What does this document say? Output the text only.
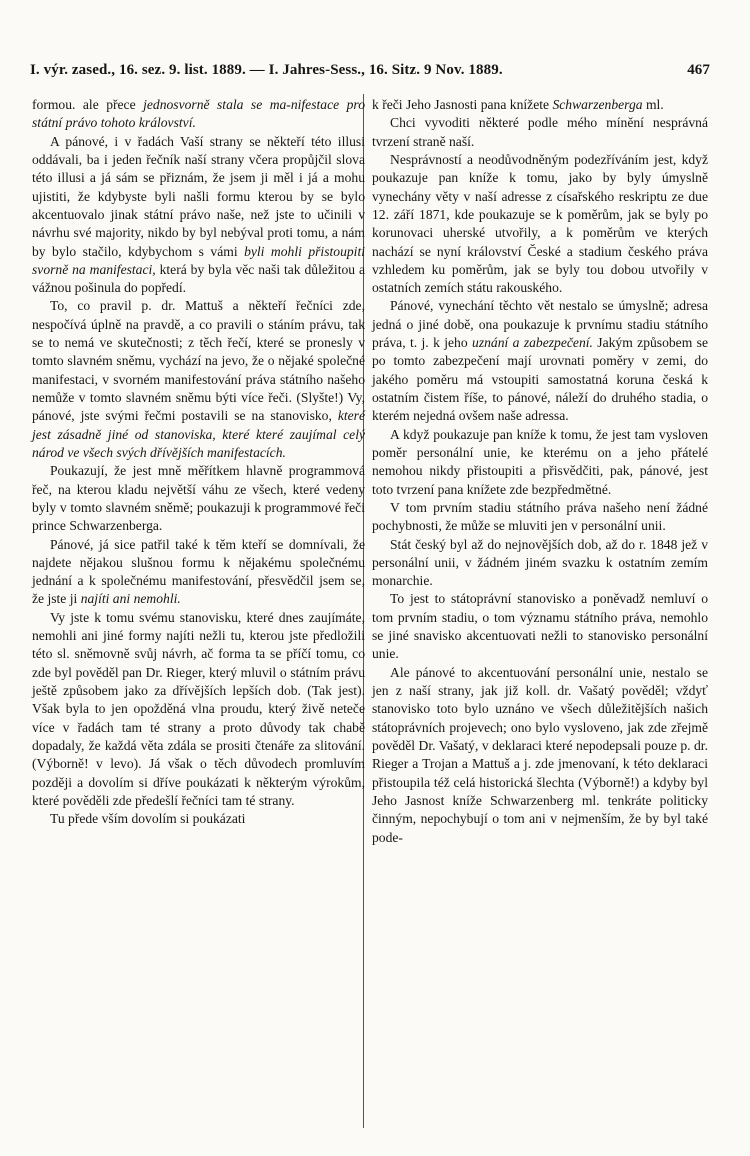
I. výr. zased., 16. sez. 9. list. 1889. — I. Jahres-Sess., 16. Sitz. 9 Nov. 1889.	467

formou. ale přece jednosvorně stala se ma-nifestace pro státní právo tohoto království.

A pánové, i v řadách Vaší strany se někteří této illusi oddávali, ba i jeden řečník naší strany včera propůjčil slova této illusi a já sám se přiznám, že jsem ji měl i já a mohu ujistiti, že kdybyste byli našli formu kterou by se bylo akcentuovalo jinak státní právo naše, než jste to učinili v návrhu své majority, nikdo by byl nebýval proti tomu, a nám by bylo stačilo, kdybychom s vámi byli mohli přistoupiti svorně na manifestaci, která by byla věc naši tak důležitou a vážnou pošinula do popředí.

To, co pravil p. dr. Mattuš a někteří řečníci zde, nespočívá úplně na pravdě, a co pravili o stáním právu, tak se to nemá ve skutečnosti; z těch řečí, které se pronesly v tomto slavném sněmu, vychází na jevo, že o nějaké společné manifestaci, v svorném manifestování práva státního našeho nemůže v tomto slavném sněmu býti více řeči. (Slyšte!) Vy, pánové, jste svými řečmi postavili se na stanovisko, které jest zásadně jiné od stanoviska, které které zaujímal celý národ ve všech svých dřívějších manifestacích.

Poukazují, že jest mně měřítkem hlavně programmová řeč, na kterou kladu největší váhu ze všech, které vedeny byly v tomto slavném sněmě; poukazuji k programmové řeči prince Schwarzenberga.

Pánové, já sice patřil také k těm kteří se domnívali, že najdete nějakou slušnou formu k nějakému společnému jednání a k společnému manifestování, přesvědčil jsem se, že jste ji najíti ani nemohli.

Vy jste k tomu svému stanovisku, které dnes zaujímáte, nemohli ani jiné formy najíti nežli tu, kterou jste předložili této sl. sněmovně svůj návrh, ač forma ta se příčí tomu, co zde byl pověděl pan Dr. Rieger, který mluvil o státním právu ještě způsobem jako za dřívějších lepších dob. (Tak jest). Však byla to jen opožděná vlna proudu, který živě neteče více v řadách tam té strany a proto důvody tak chabě dopadaly, že každá věta zdála se prositi čtenáře za slitování. (Výborně! v levo). Já však o těch důvodech promluvím později a dovolím si dříve poukázati k některým výrokům, které pověděli zde předešlí řečníci tam té strany.

Tu přede vším dovolím si poukázati

k řeči Jeho Jasnosti pana knížete Schwarzenberga ml.

Chci vyvoditi některé podle mého mínění nesprávná tvrzení straně naší.

Nesprávností a neodůvodněným podezříváním jest, když poukazuje pan kníže k tomu, jako by byly úmyslně vynechány věty v naší adresse z císařského reskriptu ze due 12. září 1871, kde poukazuje se k poměrům, jak se byly po korunovaci uherské utvořily, a k poměrům ve kterých nachází se nyní království České a stadium českého práva vzhledem ku poměrům, jak se byly tou dobou utvořily v ostatních zemích státu rakouského.

Pánové, vynechání těchto vět nestalo se úmyslně; adresa jedná o jiné době, ona poukazuje k prvnímu stadiu státního práva, t. j. k jeho uznání a zabezpečení. Jakým způsobem se po tomto zabezpečení mají urovnati poměry v zemi, do jakého poměru má vstoupiti samostatná koruna česká k ostatním čistem říše, to pánové, náleží do druhého stadia, o kterém nejedná ovšem naše adressa.

A když poukazuje pan kníže k tomu, že jest tam vysloven poměr personální unie, ke kterému on a jeho přátelé nemohou nikdy přistoupiti a přisvědčiti, pak, pánové, jest toto tvrzení pana knížete zde bezpředmětné.

V tom prvním stadiu státního práva našeho není žádné pochybnosti, že může se mluviti jen v personální unii.

Stát český byl až do nejnovějších dob, až do r. 1848 jež v personální unii, v žádném jiném svazku k ostatním zemím monarchie.

To jest to státoprávní stanovisko a poněvadž nemluví o tom prvním stadiu, o tom významu státního práva, nemohlo se jiné snavisko akcentuovati nežli to stanovisko personální unie.

Ale pánové to akcentuování personální unie, nestalo se jen z naší strany, jak již koll. dr. Vašatý pověděl; vždyť stanovisko toto bylo uznáno ve všech důležitějších našich státoprávních projevech; ono bylo vysloveno, jak zde zřejmě pověděl Dr. Vašatý, v deklaraci které nepodepsali pouze p. dr. Rieger a Trojan a Mattuš a j. zde jmenovaní, k této deklaraci přistoupila též celá historická šlechta (Výborně!) a kdyby byl Jeho Jasnost kníže Schwarzenberg ml. tenkráte politicky činným, nepochybují o tom ani v nejmenším, že by byl také pode-
